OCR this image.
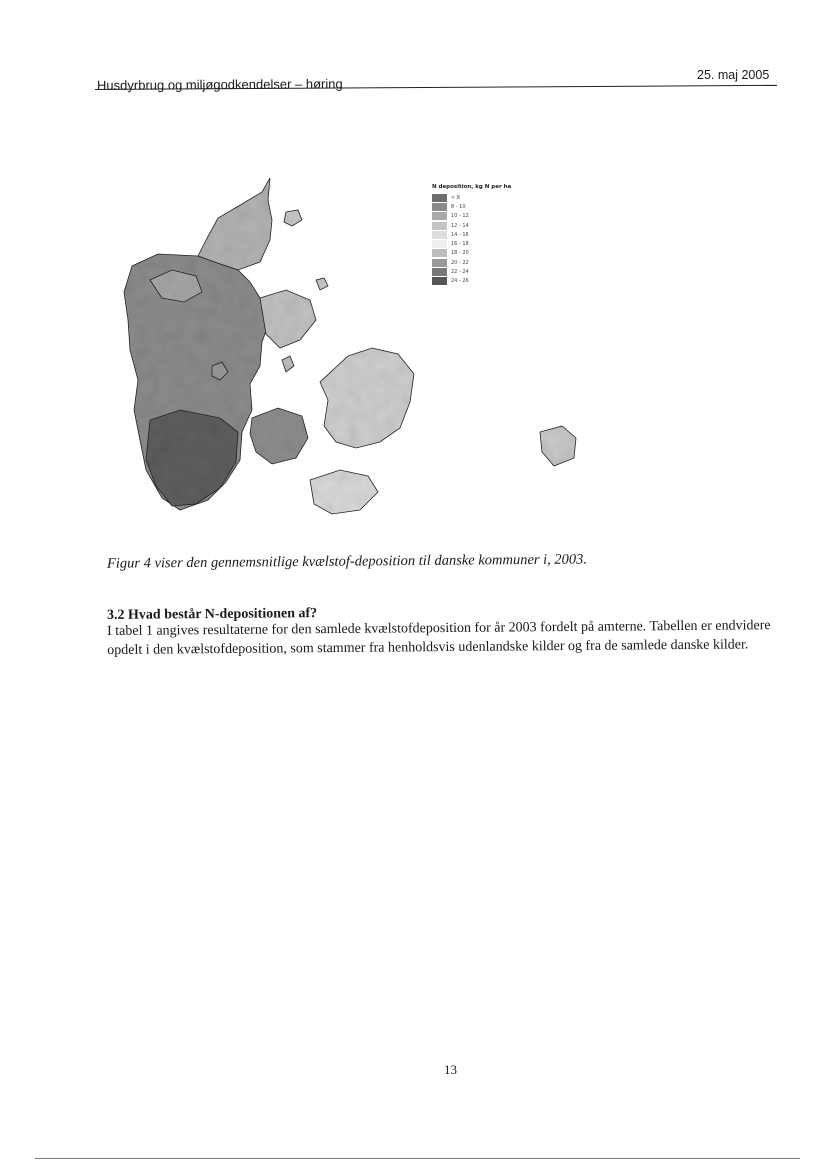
Husdyrbrug og miljøgodkendelser – høring
25. maj 2005
N deposition, kg N per ha
< 8
8 - 10
10 - 12
12 - 14
14 - 16
16 - 18
18 - 20
20 - 22
22 - 24
24 - 26
Figur 4 viser den gennemsnitlige kvælstof-deposition til danske kommuner i, 2003.
3.2 Hvad består N-depositionen af?
I tabel 1 angives resultaterne for den samlede kvælstofdeposition for år 2003 fordelt på amterne. Tabellen er endvidere opdelt i den kvælstofdeposition, som stammer fra henholdsvis udenlandske kilder og fra de samlede danske kilder.
13
